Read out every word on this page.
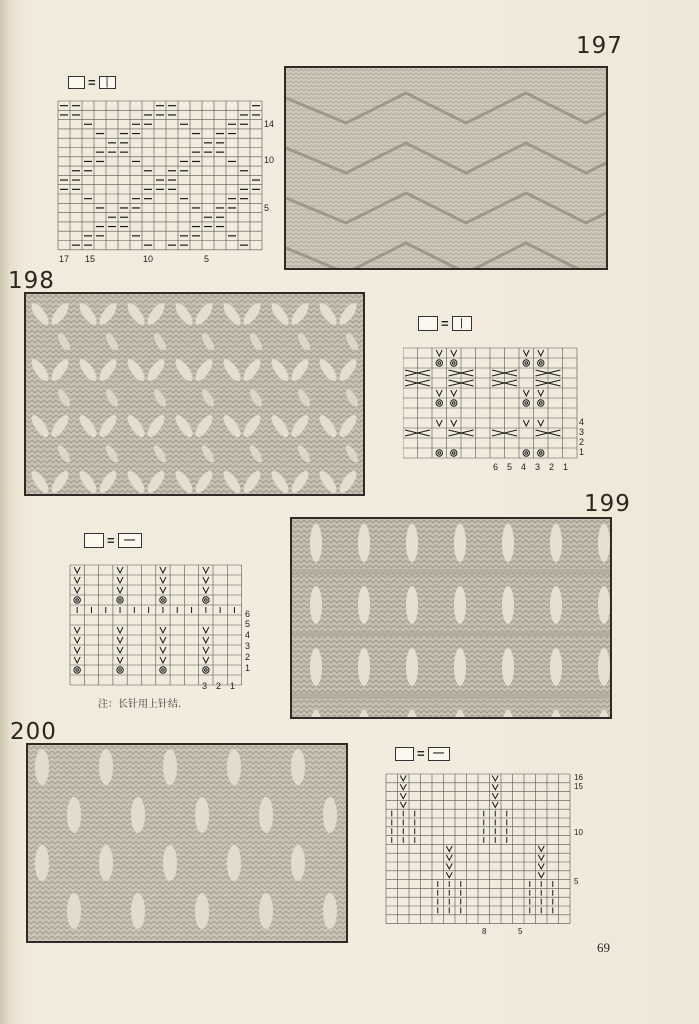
197
= |
14
10
5
17 15	10	5
198
=	|
4
3
2
1
6 5 4 3 2 1
199
= —
6
5
4
3
2
1
3 2 1
注：长针用上针结.
200
= —
16
15
10
5
8	5
69
